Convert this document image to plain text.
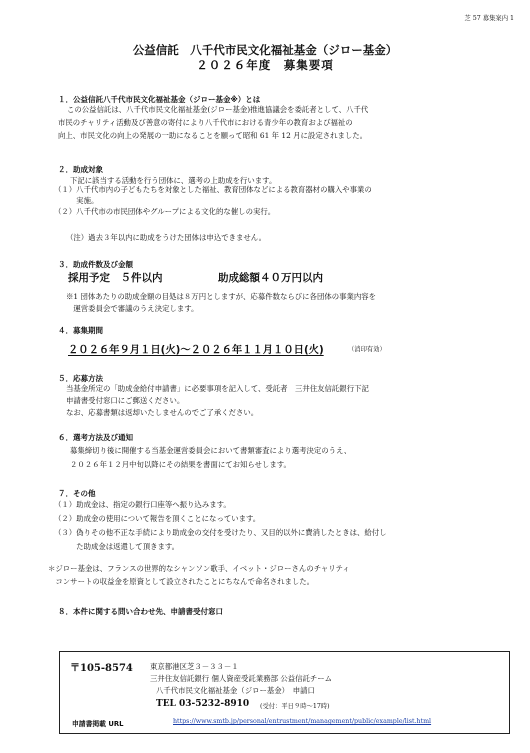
芝 57 募集案内 1
公益信託　八千代市民文化福祉基金（ジロー基金）
２０２６年度　募集要項
１．公益信託八千代市民文化福祉基金（ジロー基金※）とは
この公益信託は、八千代市民文化福祉基金(ジロー基金)推進協議会を委託者として、八千代
市民のチャリティ活動及び善意の寄付により八千代市における青少年の教育および福祉の
向上、市民文化の向上の発展の一助になることを願って昭和 61 年 12 月に設定されました。
２．助成対象
下記に該当する活動を行う団体に、選考の上助成を行います。
（１）八千代市内の子どもたちを対象とした福祉、教育団体などによる教育器材の購入や事業の
　　　実施。
（２）八千代市の市民団体やグループによる文化的な催しの実行。
（注）過去３年以内に助成をうけた団体は申込できません。
３．助成件数及び金額
採用予定　５件以内	助成総額４０万円以内
※1 団体あたりの助成金額の目処は８万円としますが、応募件数ならびに各団体の事業内容を
　運営委員会で審議のうえ決定します。
４．募集期間
２０２６年９月１日(火)～２０２６年１１月１０日(火)	（消印有効）
５．応募方法
当基金所定の「助成金給付申請書」に必要事項を記入して、受託者　三井住友信託銀行下記
申請書受付窓口にご郵送ください。
なお、応募書類は返却いたしませんのでご了承ください。
６．選考方法及び通知
募集締切り後に開催する当基金運営委員会において書類審査により選考決定のうえ、
２０２６年１２月中旬以降にその結果を書面にてお知らせします。
７．その他
（１）助成金は、指定の銀行口座等へ振り込みます。
（２）助成金の使用について報告を頂くことになっています。
（３）偽りその他不正な手続により助成金の交付を受けたり、又目的以外に費消したときは、給付し
　　　た助成金は返還して頂きます。
＊ジロー基金は、フランスの世界的なシャンソン歌手、イベット・ジローさんのチャリティ
　コンサートの収益金を原資として設立されたことにちなんで命名されました。
８．本件に関する問い合わせ先、申請書受付窓口
〒105-8574 東京都港区芝３－３３－１
三井住友信託銀行 個人資産受託業務部 公益信託チーム
八千代市民文化福祉基金（ジロー基金）　申請口
TEL 03-5232-8910 (受付：平日９時～17時)
申請書掲載 URL	https://www.smtb.jp/personal/entrustment/management/public/example/list.html
